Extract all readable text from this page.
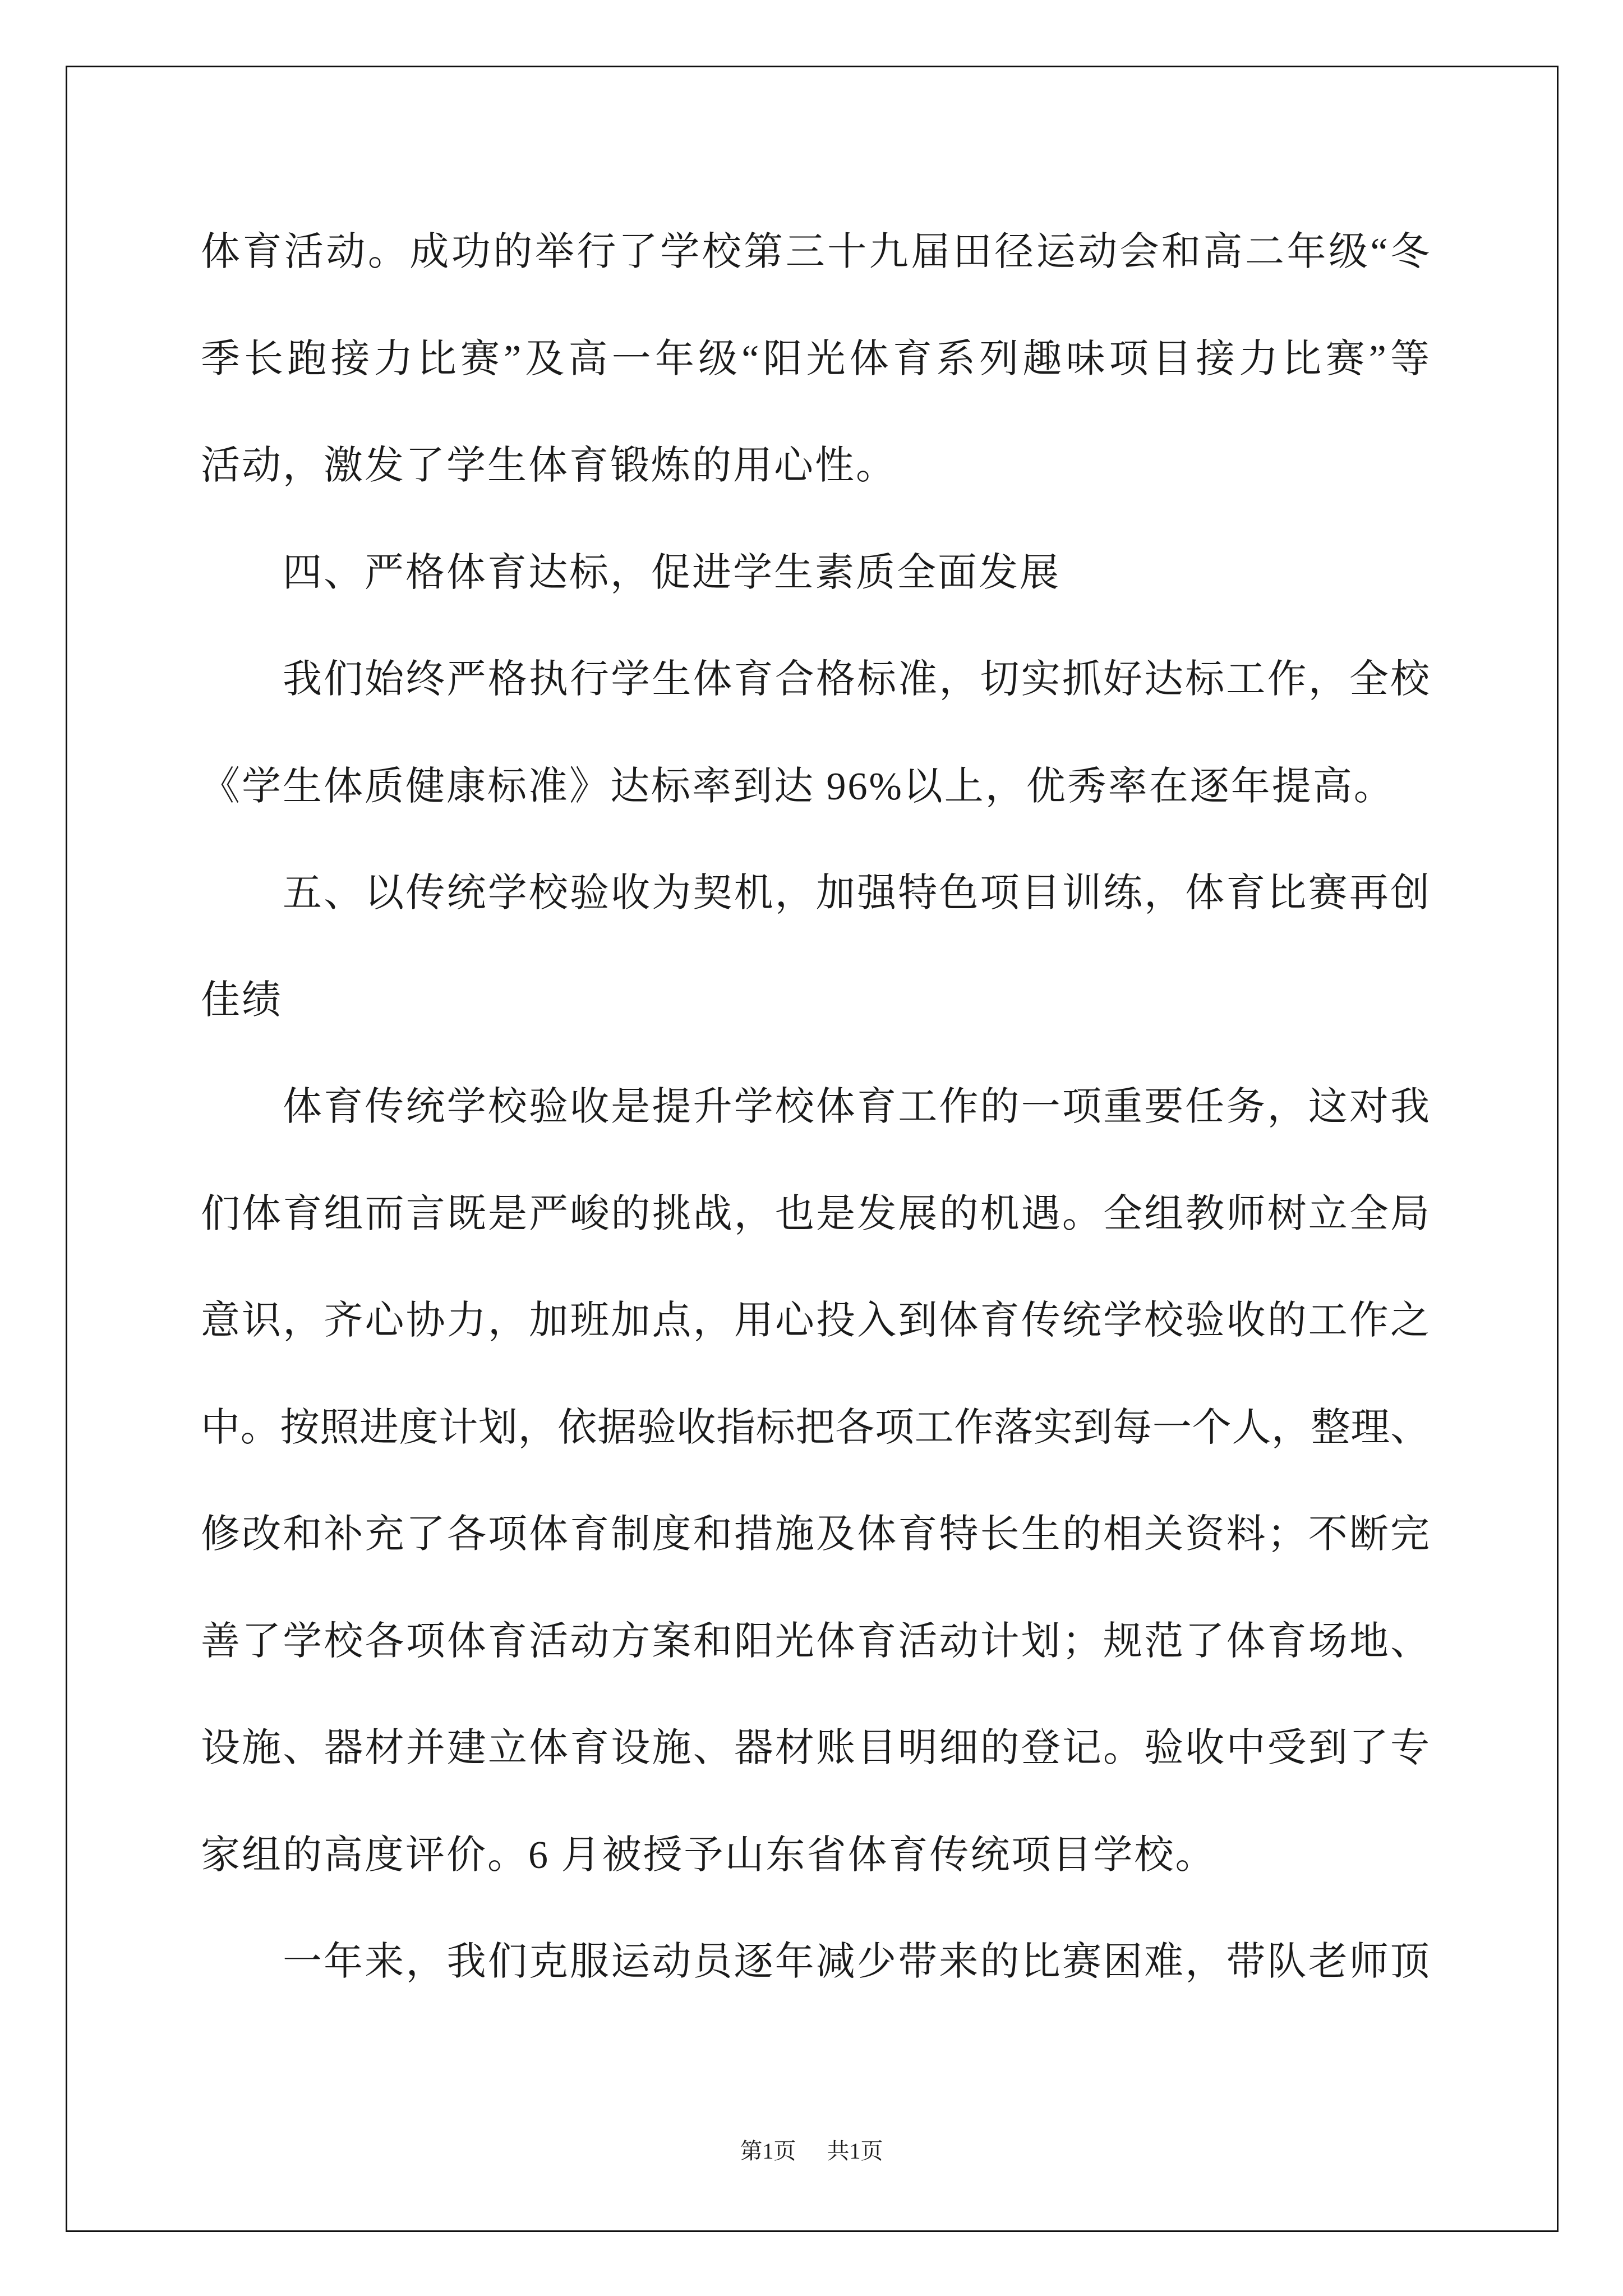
体育活动。成功的举行了学校第三十九届田径运动会和高二年级“冬
季长跑接力比赛”及高一年级“阳光体育系列趣味项目接力比赛”等
活动，激发了学生体育锻炼的用心性。
四、严格体育达标，促进学生素质全面发展
我们始终严格执行学生体育合格标准，切实抓好达标工作，全校
《学生体质健康标准》达标率到达 96%以上，优秀率在逐年提高。
五、以传统学校验收为契机，加强特色项目训练，体育比赛再创
佳绩
体育传统学校验收是提升学校体育工作的一项重要任务，这对我
们体育组而言既是严峻的挑战，也是发展的机遇。全组教师树立全局
意识，齐心协力，加班加点，用心投入到体育传统学校验收的工作之
中。按照进度计划，依据验收指标把各项工作落实到每一个人，整理、
修改和补充了各项体育制度和措施及体育特长生的相关资料；不断完
善了学校各项体育活动方案和阳光体育活动计划；规范了体育场地、
设施、器材并建立体育设施、器材账目明细的登记。验收中受到了专
家组的高度评价。6 月被授予山东省体育传统项目学校。
一年来，我们克服运动员逐年减少带来的比赛困难，带队老师顶
第1页 共1页
